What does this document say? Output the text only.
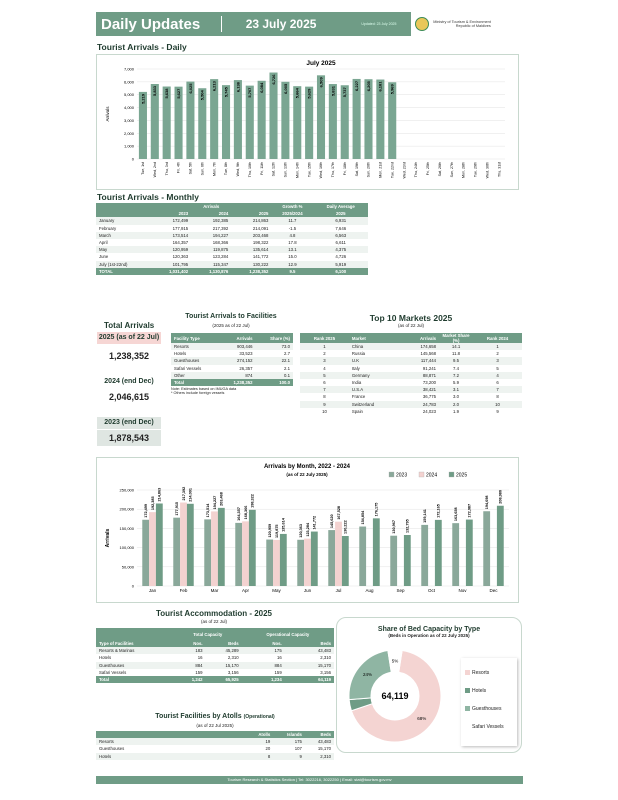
Daily Updates	23 July 2025	Updated: 23 July 2025	Ministry of Tourism & Environment
Republic of Maldives
Tourist Arrivals - Daily
July 2025
Arrivals
0
1,000
2,000
3,000
4,000
5,000
6,000
7,000
5,219
Tue, 1st
5,833
Wed, 2nd
5,638
Thu, 3rd
5,627
Fri, 4th
6,025
Sat, 5th
5,504
Sun, 6th
6,213
Mon, 7th
5,745
Tue, 8th
6,138
Wed, 9th
5,707
Thu, 10th
6,084
Fri, 11th
6,726
Sat, 12th
6,005
Sun, 13th
5,664
Mon, 14th
5,629
Tue, 15th
6,509
Wed, 16th
5,831
Thu, 17th
5,737
Fri, 18th
6,227
Sat, 19th
6,205
Sun, 20th
6,181
Mon, 21st
5,969
Tue, 22nd Wed, 23rd Thu, 24th Fri, 25th Sat, 26th Sun, 27th Mon, 28th Tue, 29th Wed, 30th Thu, 31st
Tourist Arrivals - Monthly
	Arrivals			Growth %	Daily Average
	2023	2024	2025	2025/2024	2025
January	172,499	192,385	214,863	11.7	6,931
February	177,915	217,392	214,091	-1.5	7,646
March	173,514	194,227	203,468	4.8	6,563
April	164,357	168,366	198,322	17.8	6,611
May	120,959	119,875	135,614	13.1	4,375
June	120,363	123,284	141,772	15.0	4,726
July (1st-22nd)	101,795	115,347	130,222	12.9	5,919
TOTAL	1,031,402	1,130,876	1,238,352	9.5	6,100
Total Arrivals
2025 (as of 22 Jul)
1,238,352
2024 (end Dec)
2,046,615
2023 (end Dec)
1,878,543
Tourist Arrivals to Facilities
(2025 as of 22 Jul)
Facility Type	Arrivals	Share (%)
Resorts	903,446	73.0
Hotels	33,523	2.7
Guesthouses	274,152	22.1
Safari Vessels	26,357	2.1
Other	874	0.1
Total	1,238,352	100.0
Note: Estimates based on IMUGA data
* Others include foreign vessels
Top 10 Markets 2025
(as of 22 Jul)
Rank 2025	Market	Arrivals	Market Share (%)	Rank 2024
1	China	174,658	14.1	1
2	Russia	145,568	11.8	2
3	U.K	117,444	9.5	3
4	Italy	91,241	7.4	5
5	Germany	88,871	7.2	4
6	India	73,200	5.9	6
7	U.S.A	38,421	3.1	7
8	France	36,775	3.0	8
9	Switzerland	24,783	2.0	10
10	Spain	24,023	1.9	9
Arrivals by Month, 2022 - 2024
(as of 22 July 2025)
Arrivals
0
50,000
100,000
150,000
200,000
250,000
172,499
192,385
214,863
Jan
177,915
217,392 214,091
Feb
173,514
194,227 203,468
Mar
164,357 168,366
198,322
Apr
120,959 119,875 135,614
May
120,363 123,284
141,772
Jun
145,620
167,528
130,222
Jul
154,854
176,175
Aug
130,967	132,795
Sep
159,141	172,165
Oct
163,658	172,987
Nov
194,698	208,980
Dec
2023	2024	2025
Tourist Accommodation - 2025
(as of 22 Jul)
	Total Capacity		Operational Capacity	
Type of Facilities	Nos.	Beds	Nos.	Beds
Resorts & Marinas	183	45,289	175	43,483
Hotels	16	2,310	16	2,310
Guesthouses	884	15,170	884	15,170
Safari Vessels	159	3,156	159	3,156
Total	1,242	65,925	1,234	64,119
Tourist Facilities by Atolls (Operational)
(as of 22 Jul 2025)
	Atolls	Islands	Beds
Resorts	19	175	43,483
Guesthouses	20	107	15,170
Hotels	8	9	2,310
Share of Bed Capacity by Type
(Beds in Operation as of 22 July 2025)
68%
24%
5%
64,119
Resorts
Hotels
Guesthouses
Safari Vessels
Tourism Research & Statistics Section | Tel: 3022216, 3022250 | Email: stat@tourism.gov.mv
